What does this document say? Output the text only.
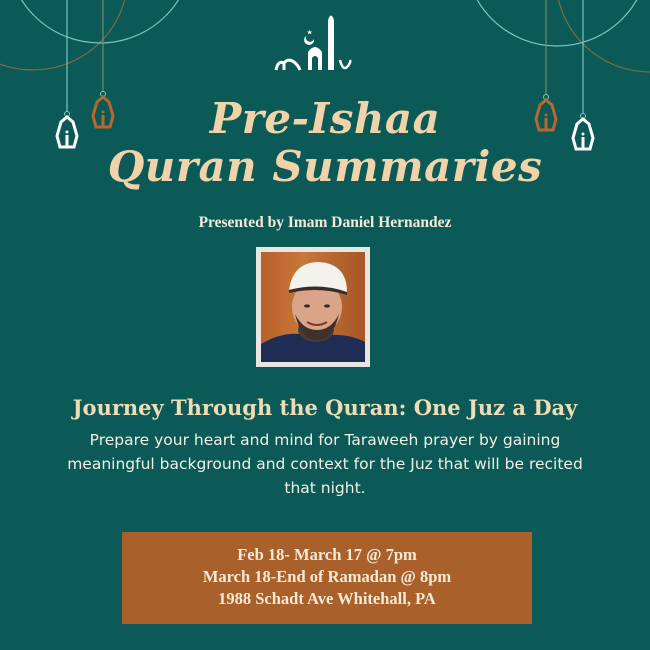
Pre-Ishaa
Quran Summaries
Presented by Imam Daniel Hernandez
Journey Through the Quran: One Juz a Day
Prepare your heart and mind for Taraweeh prayer by gaining meaningful background and context for the Juz that will be recited that night.
Feb 18- March 17 @ 7pm
March 18-End of Ramadan @ 8pm
1988 Schadt Ave Whitehall, PA
